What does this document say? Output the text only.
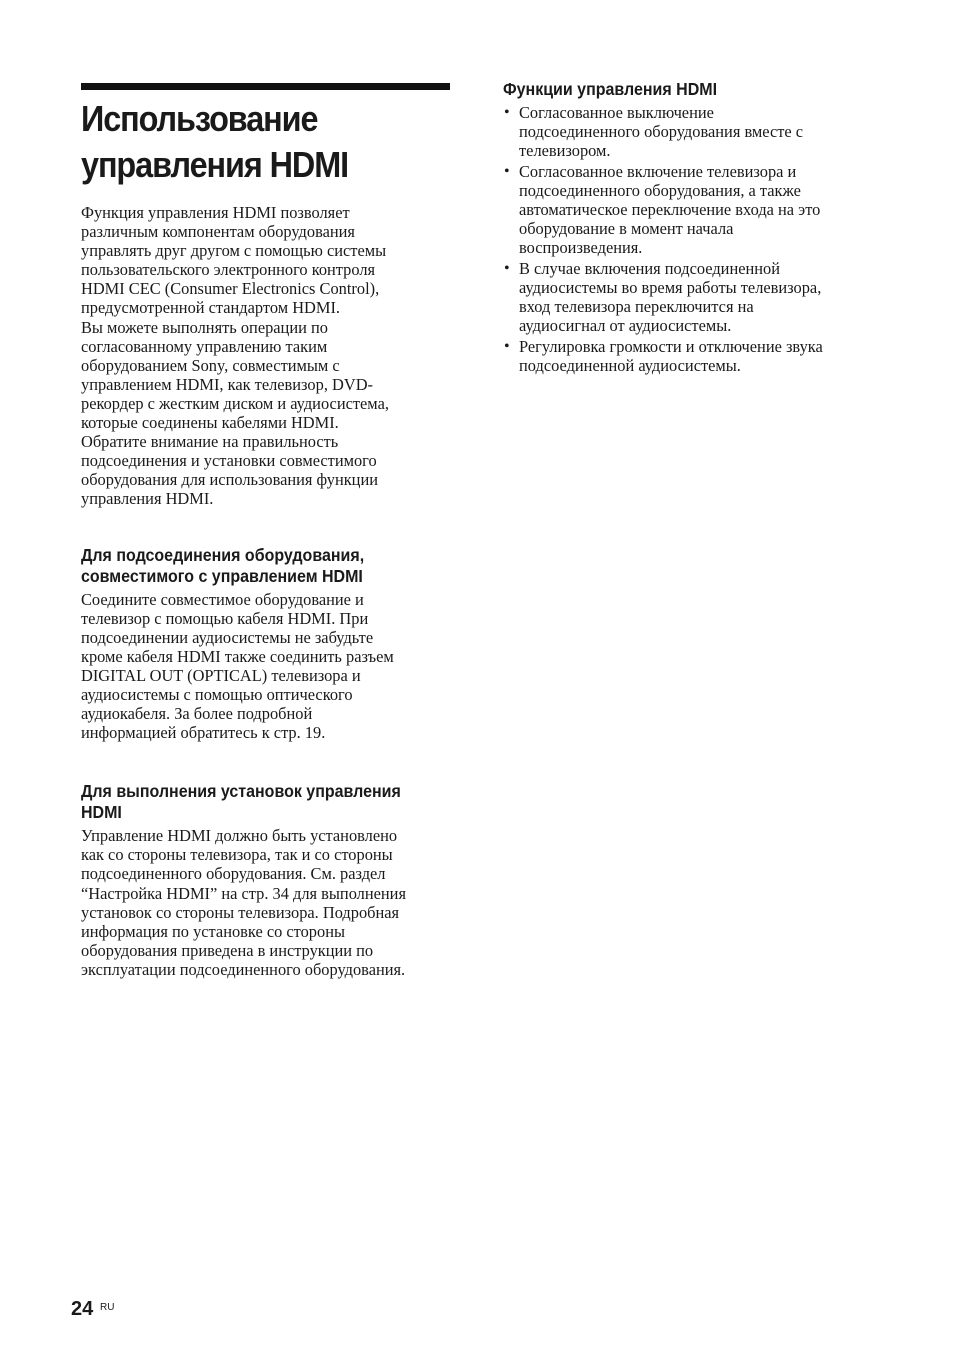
Использование
управления HDMI

Функция управления HDMI позволяет
различным компонентам оборудования
управлять друг другом с помощью системы
пользовательского электронного контроля
HDMI CEC (Consumer Electronics Control),
предусмотренной стандартом HDMI.
Вы можете выполнять операции по
согласованному управлению таким
оборудованием Sony, совместимым с
управлением HDMI, как телевизор, DVD-
рекордер с жестким диском и аудиосистема,
которые соединены кабелями HDMI.
Обратите внимание на правильность
подсоединения и установки совместимого
оборудования для использования функции
управления HDMI.

Для подсоединения оборудования,
совместимого с управлением HDMI

Соедините совместимое оборудование и
телевизор с помощью кабеля HDMI. При
подсоединении аудиосистемы не забудьте
кроме кабеля HDMI также соединить разъем
DIGITAL OUT (OPTICAL) телевизора и
аудиосистемы с помощью оптического
аудиокабеля. За более подробной
информацией обратитесь к стр. 19.

Для выполнения установок управления
HDMI

Управление HDMI должно быть установлено
как со стороны телевизора, так и со стороны
подсоединенного оборудования. См. раздел
“Настройка HDMI” на стр. 34 для выполнения
установок со стороны телевизора. Подробная
информация по установке со стороны
оборудования приведена в инструкции по
эксплуатации подсоединенного оборудования.

Функции управления HDMI
• Согласованное выключение
подсоединенного оборудования вместе с
телевизором.
• Согласованное включение телевизора и
подсоединенного оборудования, а также
автоматическое переключение входа на это
оборудование в момент начала
воспроизведения.
• В случае включения подсоединенной
аудиосистемы во время работы телевизора,
вход телевизора переключится на
аудиосигнал от аудиосистемы.
• Регулировка громкости и отключение звука
подсоединенной аудиосистемы.
24 RU
